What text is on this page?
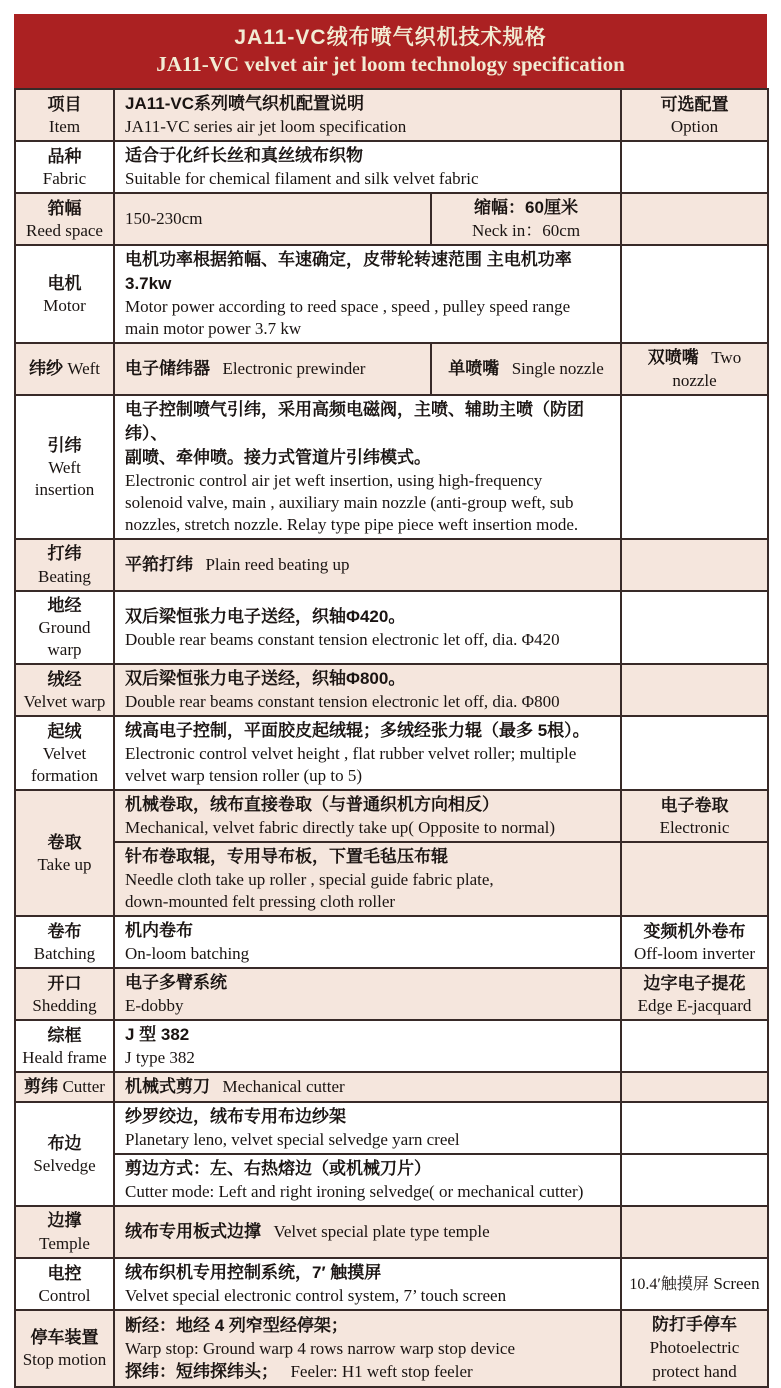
JA11-VC绒布喷气织机技术规格
JA11-VC velvet air jet loom technology specification
项目
Item	JA11-VC系列喷气织机配置说明
JA11-VC series air jet loom specification		可选配置
Option

品种
Fabric	适合于化纤长丝和真丝绒布织物
Suitable for chemical filament and silk velvet fabric		

筘幅
Reed space	150-230cm	缩幅：60厘米
Neck in：60cm	

电机
Motor	电机功率根据筘幅、车速确定，皮带轮转速范围 主电机功率 3.7kw
Motor power according to reed space , speed , pulley speed range
main motor power 3.7 kw		

纬纱 Weft	电子储纬器 Electronic prewinder	单喷嘴 Single nozzle	双喷嘴 Two nozzle

引纬
Weft insertion	电子控制喷气引纬，采用高频电磁阀，主喷、辅助主喷（防团纬）、
副喷、牵伸喷。接力式管道片引纬模式。
Electronic control air jet weft insertion, using high-frequency
solenoid valve, main , auxiliary main nozzle (anti-group weft, sub
nozzles, stretch nozzle. Relay type pipe piece weft insertion mode.		

打纬 Beating	平筘打纬 Plain reed beating up		

地经
Ground warp	双后梁恒张力电子送经，织轴Φ420。
Double rear beams constant tension electronic let off, dia. Φ420		

绒经
Velvet warp	双后梁恒张力电子送经，织轴Φ800。
Double rear beams constant tension electronic let off, dia. Φ800		

起绒
Velvet
formation	绒高电子控制，平面胶皮起绒辊；多绒经张力辊（最多 5根）。
Electronic control velvet height , flat rubber velvet roller; multiple
velvet warp tension roller (up to 5)		

卷取
Take up	机械卷取，绒布直接卷取（与普通织机方向相反）
Mechanical, velvet fabric directly take up( Opposite to normal)		电子卷取
Electronic

	针布卷取辊，专用导布板，下置毛毡压布辊
Needle cloth take up roller , special guide fabric plate,
down-mounted felt pressing cloth roller		

卷布
Batching	机内卷布
On-loom batching		变频机外卷布
Off-loom inverter

开口
Shedding	电子多臂系统
E-dobby		边字电子提花
Edge E-jacquard

综框
Heald frame	J 型 382
J type 382		

剪纬 Cutter	机械式剪刀 Mechanical cutter		

布边
Selvedge	纱罗绞边，绒布专用布边纱架
Planetary leno, velvet special selvedge yarn creel		

	剪边方式：左、右热熔边（或机械刀片）
Cutter mode: Left and right ironing selvedge( or mechanical cutter)		

边撑 Temple	绒布专用板式边撑 Velvet special plate type temple		

电控
Control	绒布织机专用控制系统，7′ 触摸屏
Velvet special electronic control system, 7’ touch screen		10.4′触摸屏 Screen

停车装置
Stop motion	断经：地经 4 列窄型经停架；
Warp stop: Ground warp 4 rows narrow warp stop device
探纬：短纬探纬头； Feeler: H1 weft stop feeler		防打手停车
Photoelectric
protect hand
